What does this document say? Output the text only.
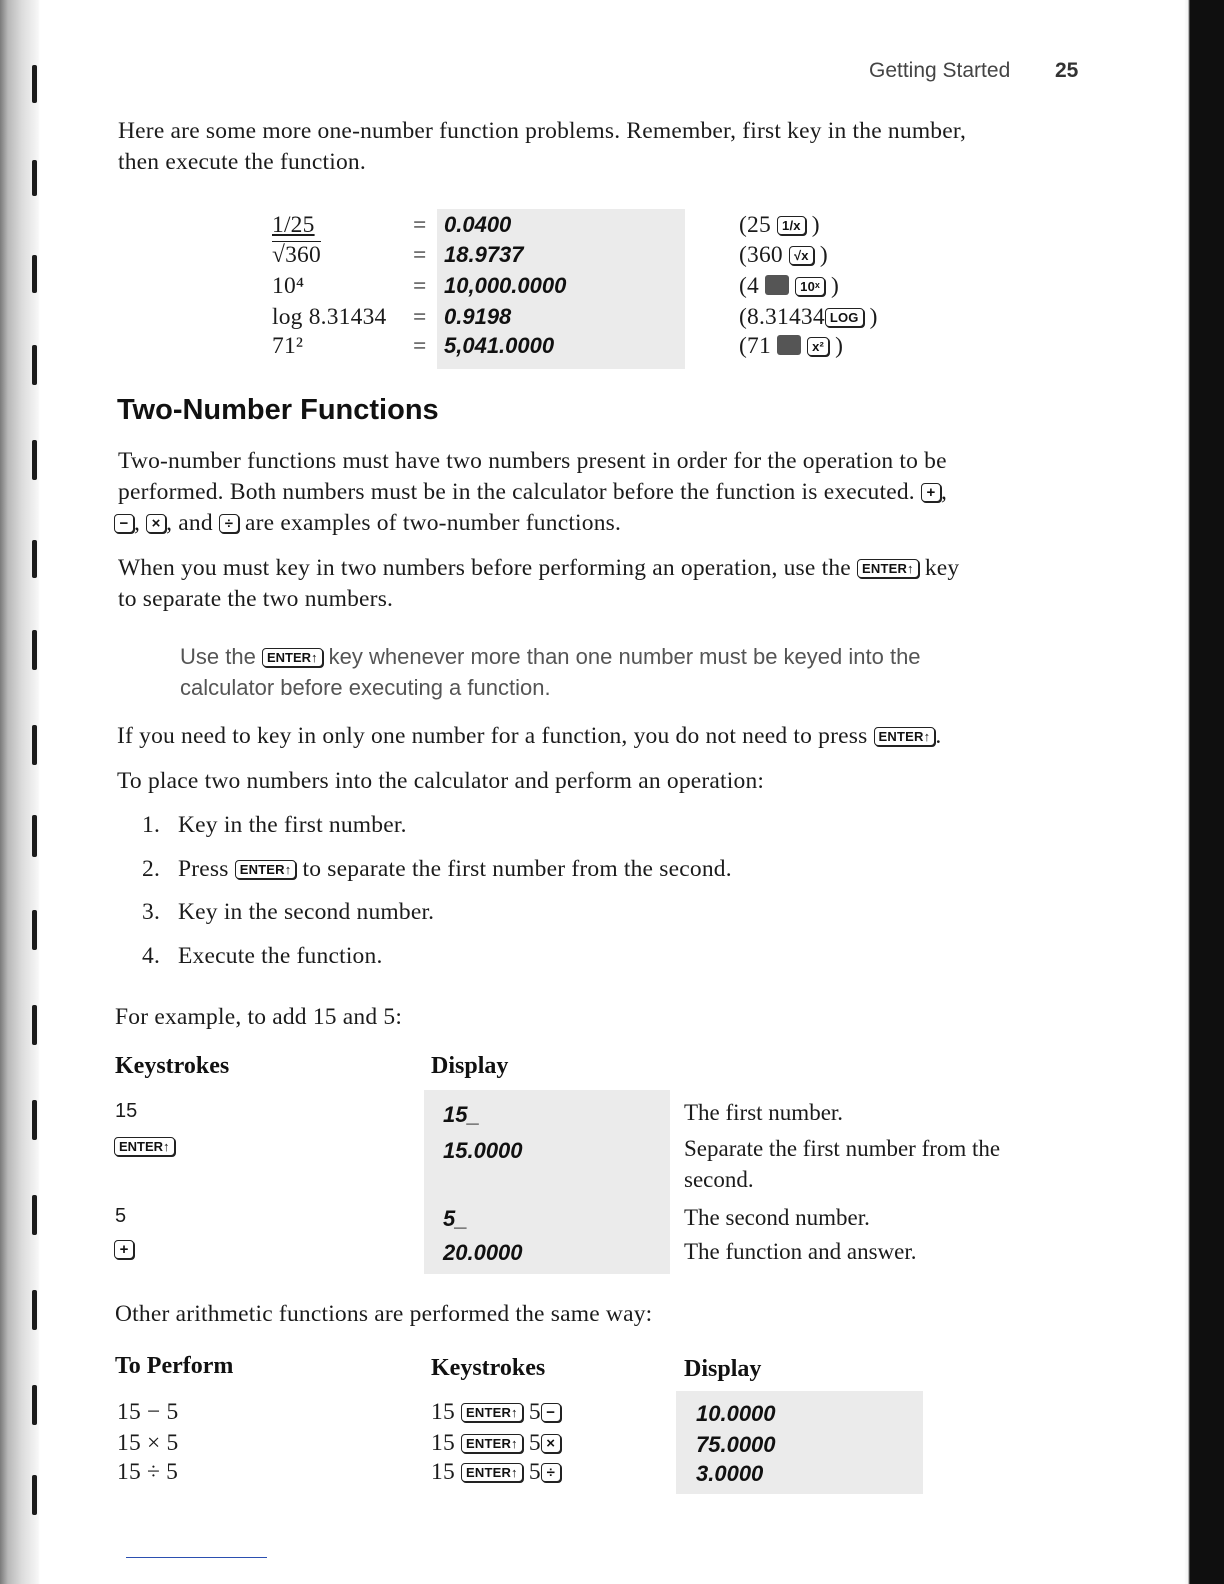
Getting Started 25
Here are some more one-number function problems. Remember, first key in the number,
then execute the function.
1/25	= 0.0400	(25 1/x )
√360	= 18.9737	(360 √x )
10⁴	= 10,000.0000	(4	10ˣ )
log 8.31434 = 0.9198	(8.31434 LOG )
71²	= 5,041.0000	(71	x² )
Two-Number Functions
Two-number functions must have two numbers present in order for the operation to be
performed. Both numbers must be in the calculator before the function is executed. + ,
− , × , and ÷ are examples of two-number functions.
When you must key in two numbers before performing an operation, use the ENTER↑ key
to separate the two numbers.
Use the ENTER↑ key whenever more than one number must be keyed into the
calculator before executing a function.
If you need to key in only one number for a function, you do not need to press ENTER↑ .
To place two numbers into the calculator and perform an operation:
1. Key in the first number.
2. Press ENTER↑ to separate the first number from the second.
3. Key in the second number.
4. Execute the function.
For example, to add 15 and 5:
Keystrokes	Display
15	15_	The first number.
ENTER↑	15.0000	Separate the first number from the
second.
5	5_	The second number.
+	20.0000	The function and answer.
Other arithmetic functions are performed the same way:
To Perform	Keystrokes	Display
15 − 5	15 ENTER↑ 5 −	10.0000
15 × 5	15 ENTER↑ 5 ×	75.0000
15 ÷ 5	15 ENTER↑ 5 ÷	3.0000
